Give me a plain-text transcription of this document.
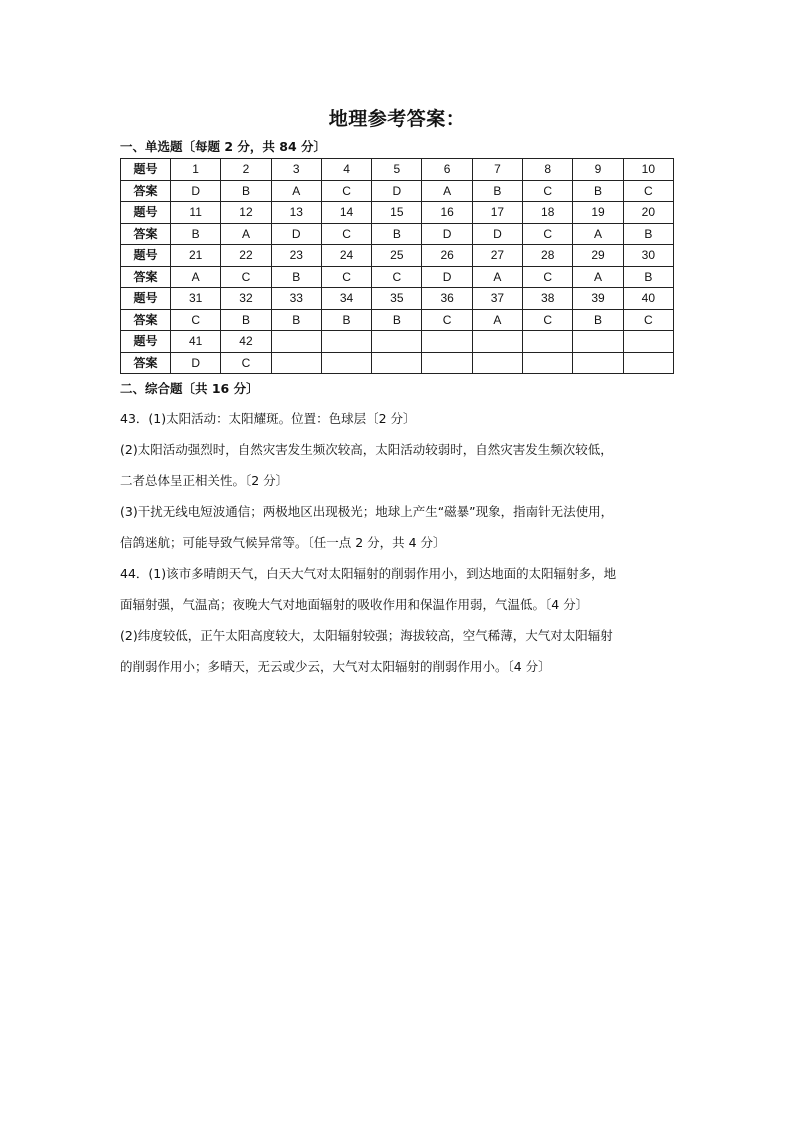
地理参考答案：
一、单选题〔每题 2 分，共 84 分〕
题号	1	2	3	4	5	6	7	8	9	10
答案	D	B	A	C	D	A	B	C	B	C
题号	11	12	13	14	15	16	17	18	19	20
答案	B	A	D	C	B	D	D	C	A	B
题号	21	22	23	24	25	26	27	28	29	30
答案	A	C	B	C	C	D	A	C	A	B
题号	31	32	33	34	35	36	37	38	39	40
答案	C	B	B	B	B	C	A	C	B	C
题号	41	42								
答案	D	C								
二、综合题〔共 16 分〕
43．(1)太阳活动：太阳耀斑。位置：色球层〔2 分〕
(2)太阳活动强烈时，自然灾害发生频次较高，太阳活动较弱时，自然灾害发生频次较低，
二者总体呈正相关性。〔2 分〕
(3)干扰无线电短波通信；两极地区出现极光；地球上产生“磁暴”现象，指南针无法使用，
信鸽迷航；可能导致气候异常等。〔任一点 2 分，共 4 分〕
44．(1)该市多晴朗天气，白天大气对太阳辐射的削弱作用小，到达地面的太阳辐射多，地
面辐射强，气温高；夜晚大气对地面辐射的吸收作用和保温作用弱，气温低。〔4 分〕
(2)纬度较低，正午太阳高度较大，太阳辐射较强；海拔较高，空气稀薄，大气对太阳辐射
的削弱作用小；多晴天，无云或少云，大气对太阳辐射的削弱作用小。〔4 分〕
